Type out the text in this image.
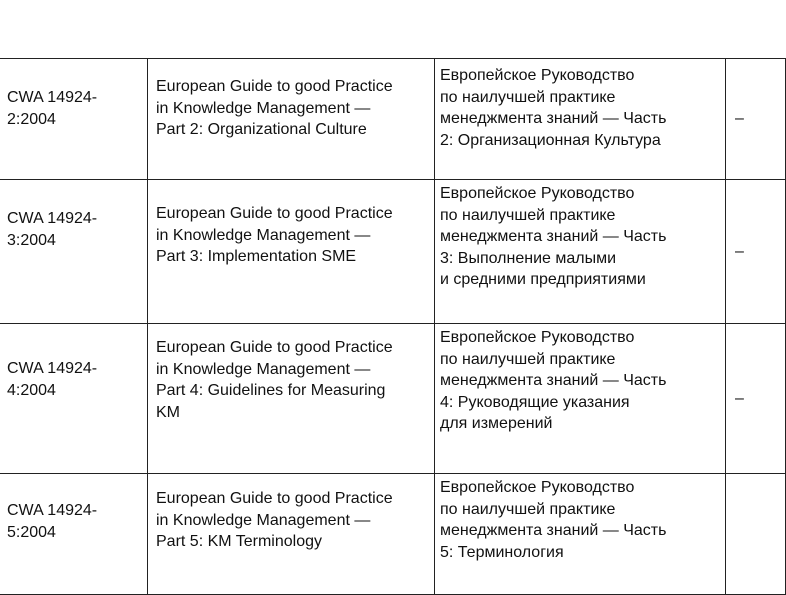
CWA 14924-
2:2004	European Guide to good Practice
in Knowledge Management —
Part 2: Organizational Culture	Европейское Руководство
по наилучшей практике
менеджмента знаний — Часть
2: Организационная Культура	–

CWA 14924-
3:2004	European Guide to good Practice
in Knowledge Management —
Part 3: Implementation SME	Европейское Руководство
по наилучшей практике
менеджмента знаний — Часть
3: Выполнение малыми
и средними предприятиями	–

CWA 14924-
4:2004	European Guide to good Practice
in Knowledge Management —
Part 4: Guidelines for Measuring
KM	Европейское Руководство
по наилучшей практике
менеджмента знаний — Часть
4: Руководящие указания
для измерений	–

CWA 14924-
5:2004	European Guide to good Practice
in Knowledge Management —
Part 5: KM Terminology	Европейское Руководство
по наилучшей практике
менеджмента знаний — Часть
5: Терминология	
